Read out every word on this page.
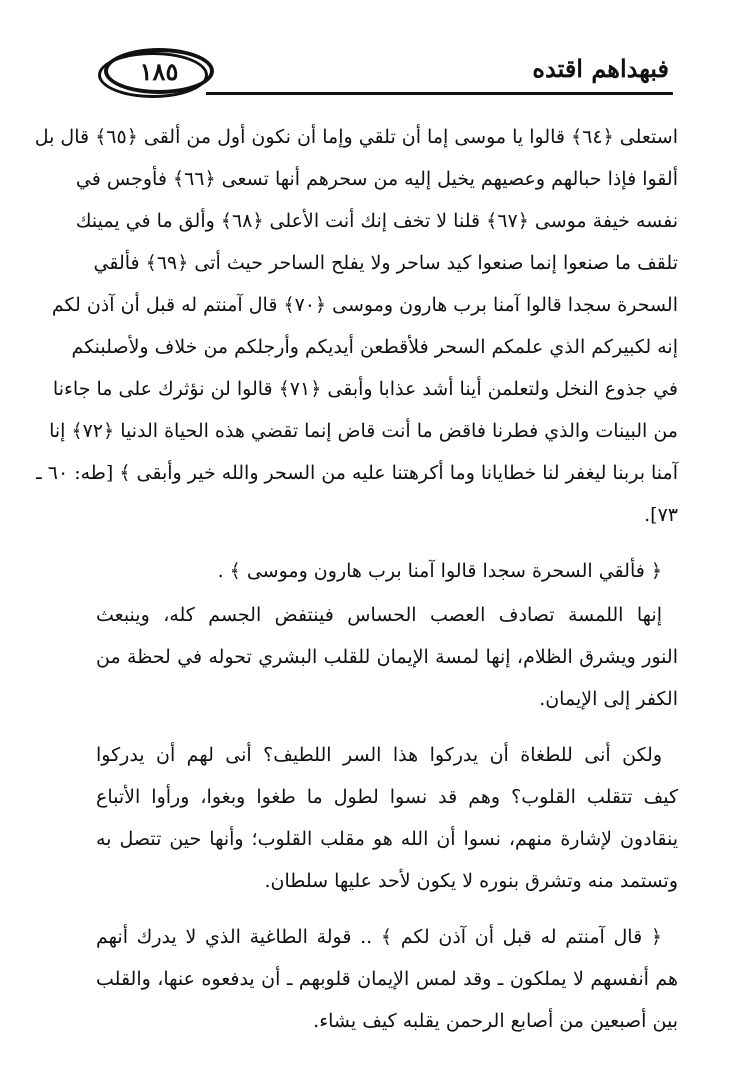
١٨٥	فبهداهم اقتده
استعلى ﴿٦٤﴾ قالوا يا موسى إما أن تلقي وإما أن نكون أول من ألقى ﴿٦٥﴾ قال بل
ألقوا فإذا حبالهم وعصيهم يخيل إليه من سحرهم أنها تسعى ﴿٦٦﴾ فأوجس في
نفسه خيفة موسى ﴿٦٧﴾ قلنا لا تخف إنك أنت الأعلى ﴿٦٨﴾ وألق ما في يمينك
تلقف ما صنعوا إنما صنعوا كيد ساحر ولا يفلح الساحر حيث أتى ﴿٦٩﴾ فألقي
السحرة سجدا قالوا آمنا برب هارون وموسى ﴿٧٠﴾ قال آمنتم له قبل أن آذن لكم
إنه لكبيركم الذي علمكم السحر فلأقطعن أيديكم وأرجلكم من خلاف ولأصلبنكم
في جذوع النخل ولتعلمن أينا أشد عذابا وأبقى ﴿٧١﴾ قالوا لن نؤثرك على ما جاءنا
من البينات والذي فطرنا فاقض ما أنت قاض إنما تقضي هذه الحياة الدنيا ﴿٧٢﴾ إنا
آمنا بربنا ليغفر لنا خطايانا وما أكرهتنا عليه من السحر والله خير وأبقى ﴾ [طه: ٦٠ ـ
٧٣].
﴿ فألقي السحرة سجدا قالوا آمنا برب هارون وموسى ﴾ .
إنها اللمسة تصادف العصب الحساس فينتفض الجسم كله، وينبعث
النور ويشرق الظلام، إنها لمسة الإيمان للقلب البشري تحوله في لحظة من
الكفر إلى الإيمان.
ولكن أنى للطغاة أن يدركوا هذا السر اللطيف؟ أنى لهم أن يدركوا
كيف تتقلب القلوب؟ وهم قد نسوا لطول ما طغوا وبغوا، ورأوا الأتباع
ينقادون لإشارة منهم، نسوا أن الله هو مقلب القلوب؛ وأنها حين تتصل به
وتستمد منه وتشرق بنوره لا يكون لأحد عليها سلطان.
﴿ قال آمنتم له قبل أن آذن لكم ﴾ .. قولة الطاغية الذي لا يدرك أنهم
هم أنفسهم لا يملكون ـ وقد لمس الإيمان قلوبهم ـ أن يدفعوه عنها، والقلب
بين أصبعين من أصابع الرحمن يقلبه كيف يشاء.
